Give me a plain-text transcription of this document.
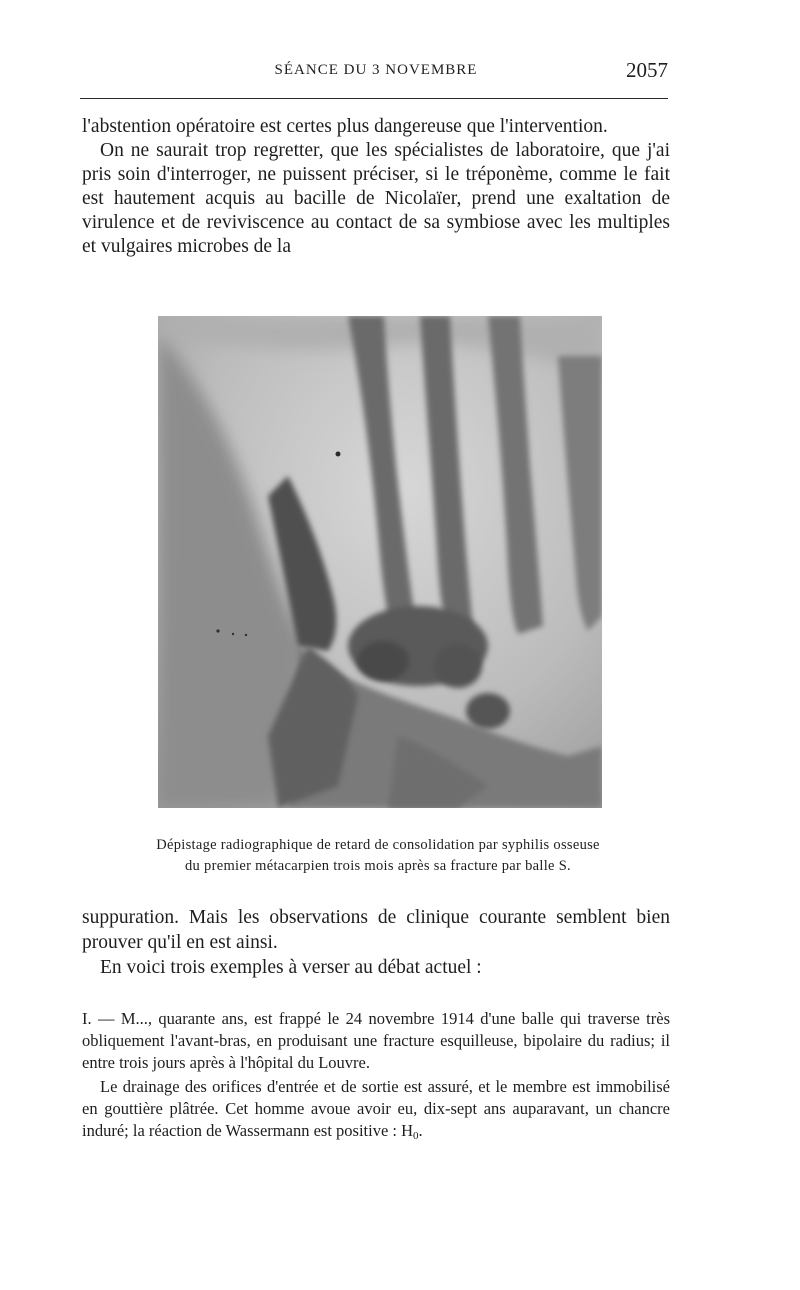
SÉANCE DU 3 NOVEMBRE	2057

l'abstention opératoire est certes plus dangereuse que l'intervention.

On ne saurait trop regretter, que les spécialistes de laboratoire, que j'ai pris soin d'interroger, ne puissent préciser, si le tréponème, comme le fait est hautement acquis au bacille de Nicolaïer, prend une exaltation de virulence et de reviviscence au contact de sa symbiose avec les multiples et vulgaires microbes de la

Dépistage radiographique de retard de consolidation par syphilis osseuse
du premier métacarpien trois mois après sa fracture par balle S.

suppuration. Mais les observations de clinique courante semblent bien prouver qu'il en est ainsi.

En voici trois exemples à verser au débat actuel :

I. — M..., quarante ans, est frappé le 24 novembre 1914 d'une balle qui traverse très obliquement l'avant-bras, en produisant une fracture esquilleuse, bipolaire du radius; il entre trois jours après à l'hôpital du Louvre.

Le drainage des orifices d'entrée et de sortie est assuré, et le membre est immobilisé en gouttière plâtrée. Cet homme avoue avoir eu, dix-sept ans auparavant, un chancre induré; la réaction de Wassermann est positive : $H_0$.
